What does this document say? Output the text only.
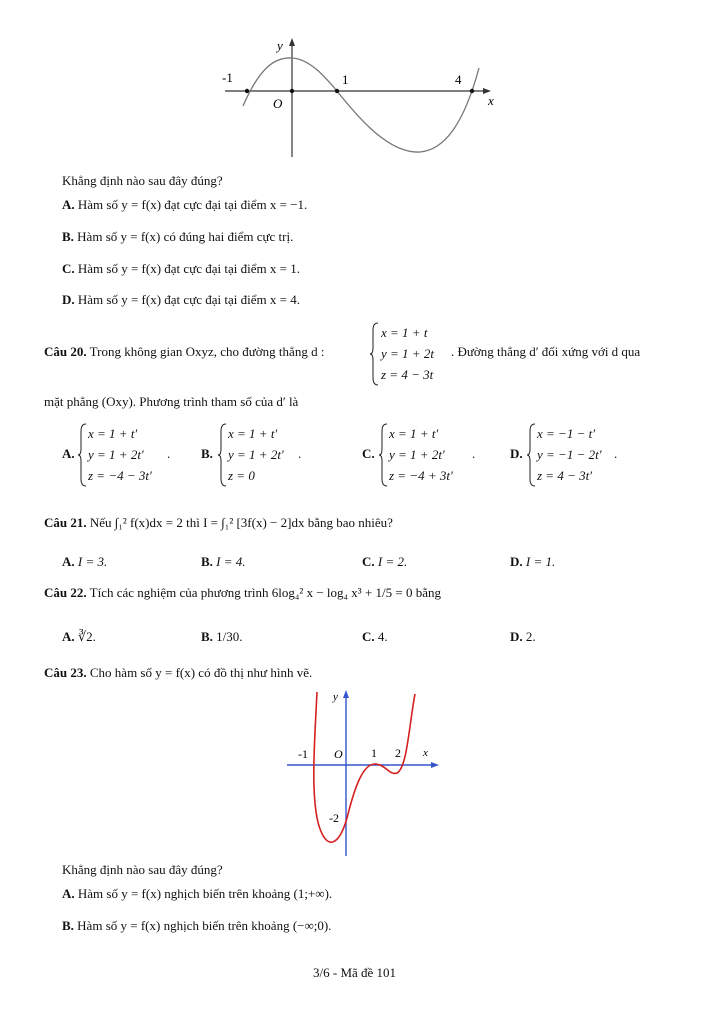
y
x
O
-1	1	4
Khẳng định nào sau đây đúng?
A. Hàm số y = f(x) đạt cực đại tại điểm x = −1.
B. Hàm số y = f(x) có đúng hai điểm cực trị.
C. Hàm số y = f(x) đạt cực đại tại điểm x = 1.
D. Hàm số y = f(x) đạt cực đại tại điểm x = 4.
Câu 20. Trong không gian Oxyz, cho đường thẳng d :
x = 1 + t
y = 1 + 2t
z = 4 − 3t
. Đường thẳng d′ đối xứng với d qua
mặt phẳng (Oxy). Phương trình tham số của d′ là
A.
x = 1 + t′
y = 1 + 2t′
z = −4 − 3t′
. B.
x = 1 + t′
y = 1 + 2t′
z = 0
.	C.
x = 1 + t′
y = 1 + 2t′
z = −4 + 3t′
.	D.
x = −1 − t′
y = −1 − 2t′
z = 4 − 3t′
.
Câu 21. Nếu ∫₁² f(x)dx = 2 thì I = ∫₁² [3f(x) − 2]dx bằng bao nhiêu?
A. I = 3.	B. I = 4.	C. I = 2.	D. I = 1.
Câu 22. Tích các nghiệm của phương trình 6log₄² x − log₄ x³ + 1/5 = 0 bằng
A. ∛2.	B. 1/30.	C. 4.	D. 2.
Câu 23. Cho hàm số y = f(x) có đồ thị như hình vẽ.
y
x
O
-1	1 2
-2
Khẳng định nào sau đây đúng?
A. Hàm số y = f(x) nghịch biến trên khoảng (1;+∞).
B. Hàm số y = f(x) nghịch biến trên khoảng (−∞;0).
3/6 - Mã đề 101
